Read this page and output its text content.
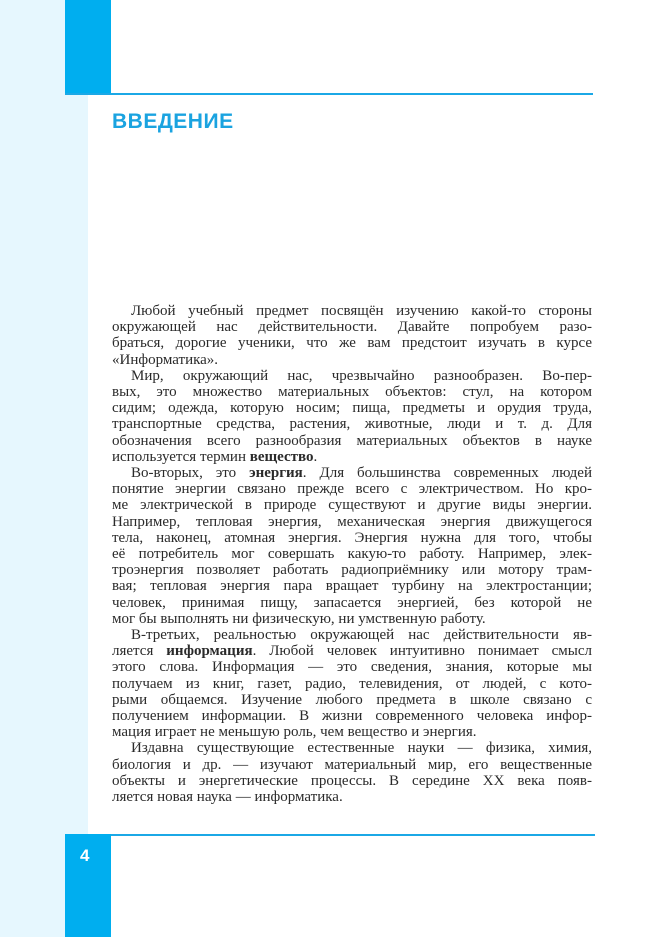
ВВЕДЕНИЕ
Любой учебный предмет посвящён изучению какой-то стороны
окружающей нас действительности. Давайте попробуем разо-
браться, дорогие ученики, что же вам предстоит изучать в курсе
«Информатика».
Мир, окружающий нас, чрезвычайно разнообразен. Во-пер-
вых, это множество материальных объектов: стул, на котором
сидим; одежда, которую носим; пища, предметы и орудия труда,
транспортные средства, растения, животные, люди и т. д. Для
обозначения всего разнообразия материальных объектов в науке
используется термин вещество.
Во-вторых, это энергия. Для большинства современных людей
понятие энергии связано прежде всего с электричеством. Но кро-
ме электрической в природе существуют и другие виды энергии.
Например, тепловая энергия, механическая энергия движущегося
тела, наконец, атомная энергия. Энергия нужна для того, чтобы
её потребитель мог совершать какую-то работу. Например, элек-
троэнергия позволяет работать радиоприёмнику или мотору трам-
вая; тепловая энергия пара вращает турбину на электростанции;
человек, принимая пищу, запасается энергией, без которой не
мог бы выполнять ни физическую, ни умственную работу.
В-третьих, реальностью окружающей нас действительности яв-
ляется информация. Любой человек интуитивно понимает смысл
этого слова. Информация — это сведения, знания, которые мы
получаем из книг, газет, радио, телевидения, от людей, с кото-
рыми общаемся. Изучение любого предмета в школе связано с
получением информации. В жизни современного человека инфор-
мация играет не меньшую роль, чем вещество и энергия.
Издавна существующие естественные науки — физика, химия,
биология и др. — изучают материальный мир, его вещественные
объекты и энергетические процессы. В середине XX века появ-
ляется новая наука — информатика.
4
